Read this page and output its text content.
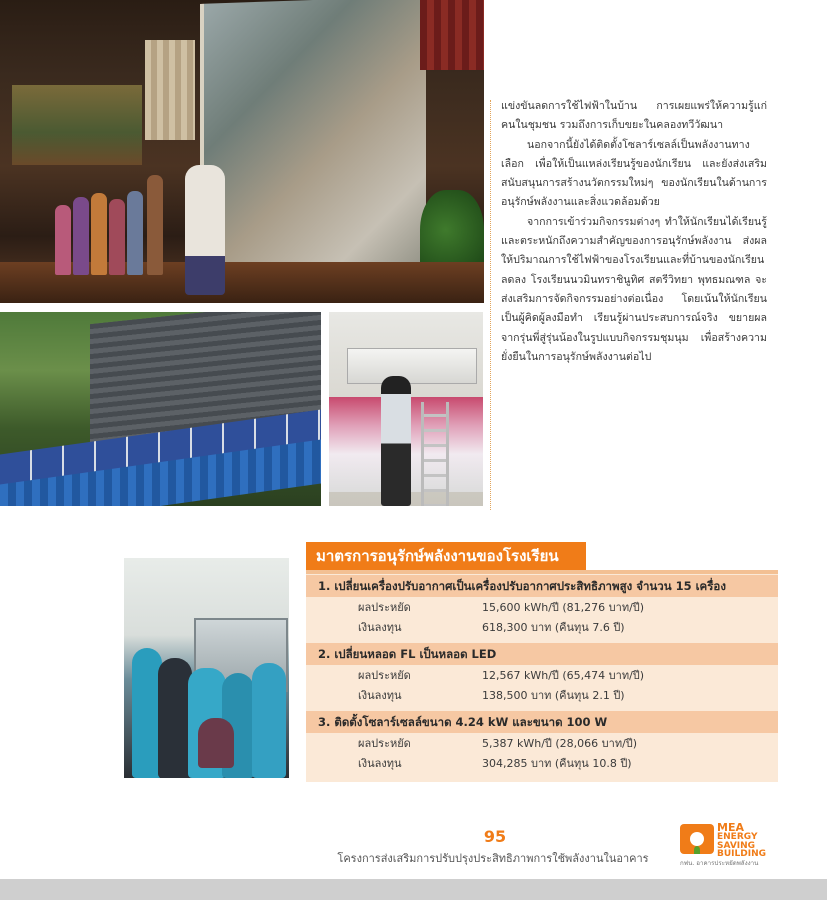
แข่งขันลดการใช้ไฟฟ้าในบ้าน การเผยแพร่ให้ความรู้แก่คนในชุมชน รวมถึงการเก็บขยะในคลองทวีวัฒนา

นอกจากนี้ยังได้ติดตั้งโซลาร์เซลล์เป็นพลังงานทางเลือก เพื่อให้เป็นแหล่งเรียนรู้ของนักเรียน และยังส่งเสริมสนับสนุนการสร้างนวัตกรรมใหม่ๆ ของนักเรียนในด้านการอนุรักษ์พลังงานและสิ่งแวดล้อมด้วย

จากการเข้าร่วมกิจกรรมต่างๆ ทำให้นักเรียนได้เรียนรู้และตระหนักถึงความสำคัญของการอนุรักษ์พลังงาน ส่งผลให้ปริมาณการใช้ไฟฟ้าของโรงเรียนและที่บ้านของนักเรียนลดลง โรงเรียนนวมินทราชินูทิศ สตรีวิทยา พุทธมณฑล จะส่งเสริมการจัดกิจกรรมอย่างต่อเนื่อง โดยเน้นให้นักเรียนเป็นผู้คิดผู้ลงมือทำ เรียนรู้ผ่านประสบการณ์จริง ขยายผลจากรุ่นพี่สู่รุ่นน้องในรูปแบบกิจกรรมชุมนุม เพื่อสร้างความยั่งยืนในการอนุรักษ์พลังงานต่อไป

มาตรการอนุรักษ์พลังงานของโรงเรียน
1. เปลี่ยนเครื่องปรับอากาศเป็นเครื่องปรับอากาศประสิทธิภาพสูง จำนวน 15 เครื่อง
ผลประหยัด	15,600 kWh/ปี (81,276 บาท/ปี)
เงินลงทุน	618,300 บาท (คืนทุน 7.6 ปี)
2. เปลี่ยนหลอด FL เป็นหลอด LED
ผลประหยัด	12,567 kWh/ปี (65,474 บาท/ปี)
เงินลงทุน	138,500 บาท (คืนทุน 2.1 ปี)
3. ติดตั้งโซลาร์เซลล์ขนาด 4.24 kW และขนาด 100 W
ผลประหยัด	5,387 kWh/ปี (28,066 บาท/ปี)
เงินลงทุน	304,285 บาท (คืนทุน 10.8 ปี)
95
โครงการส่งเสริมการปรับปรุงประสิทธิภาพการใช้พลังงานในอาคาร
MEA
ENERGY
SAVING
BUILDING
กฟน. อาคารประหยัดพลังงาน
